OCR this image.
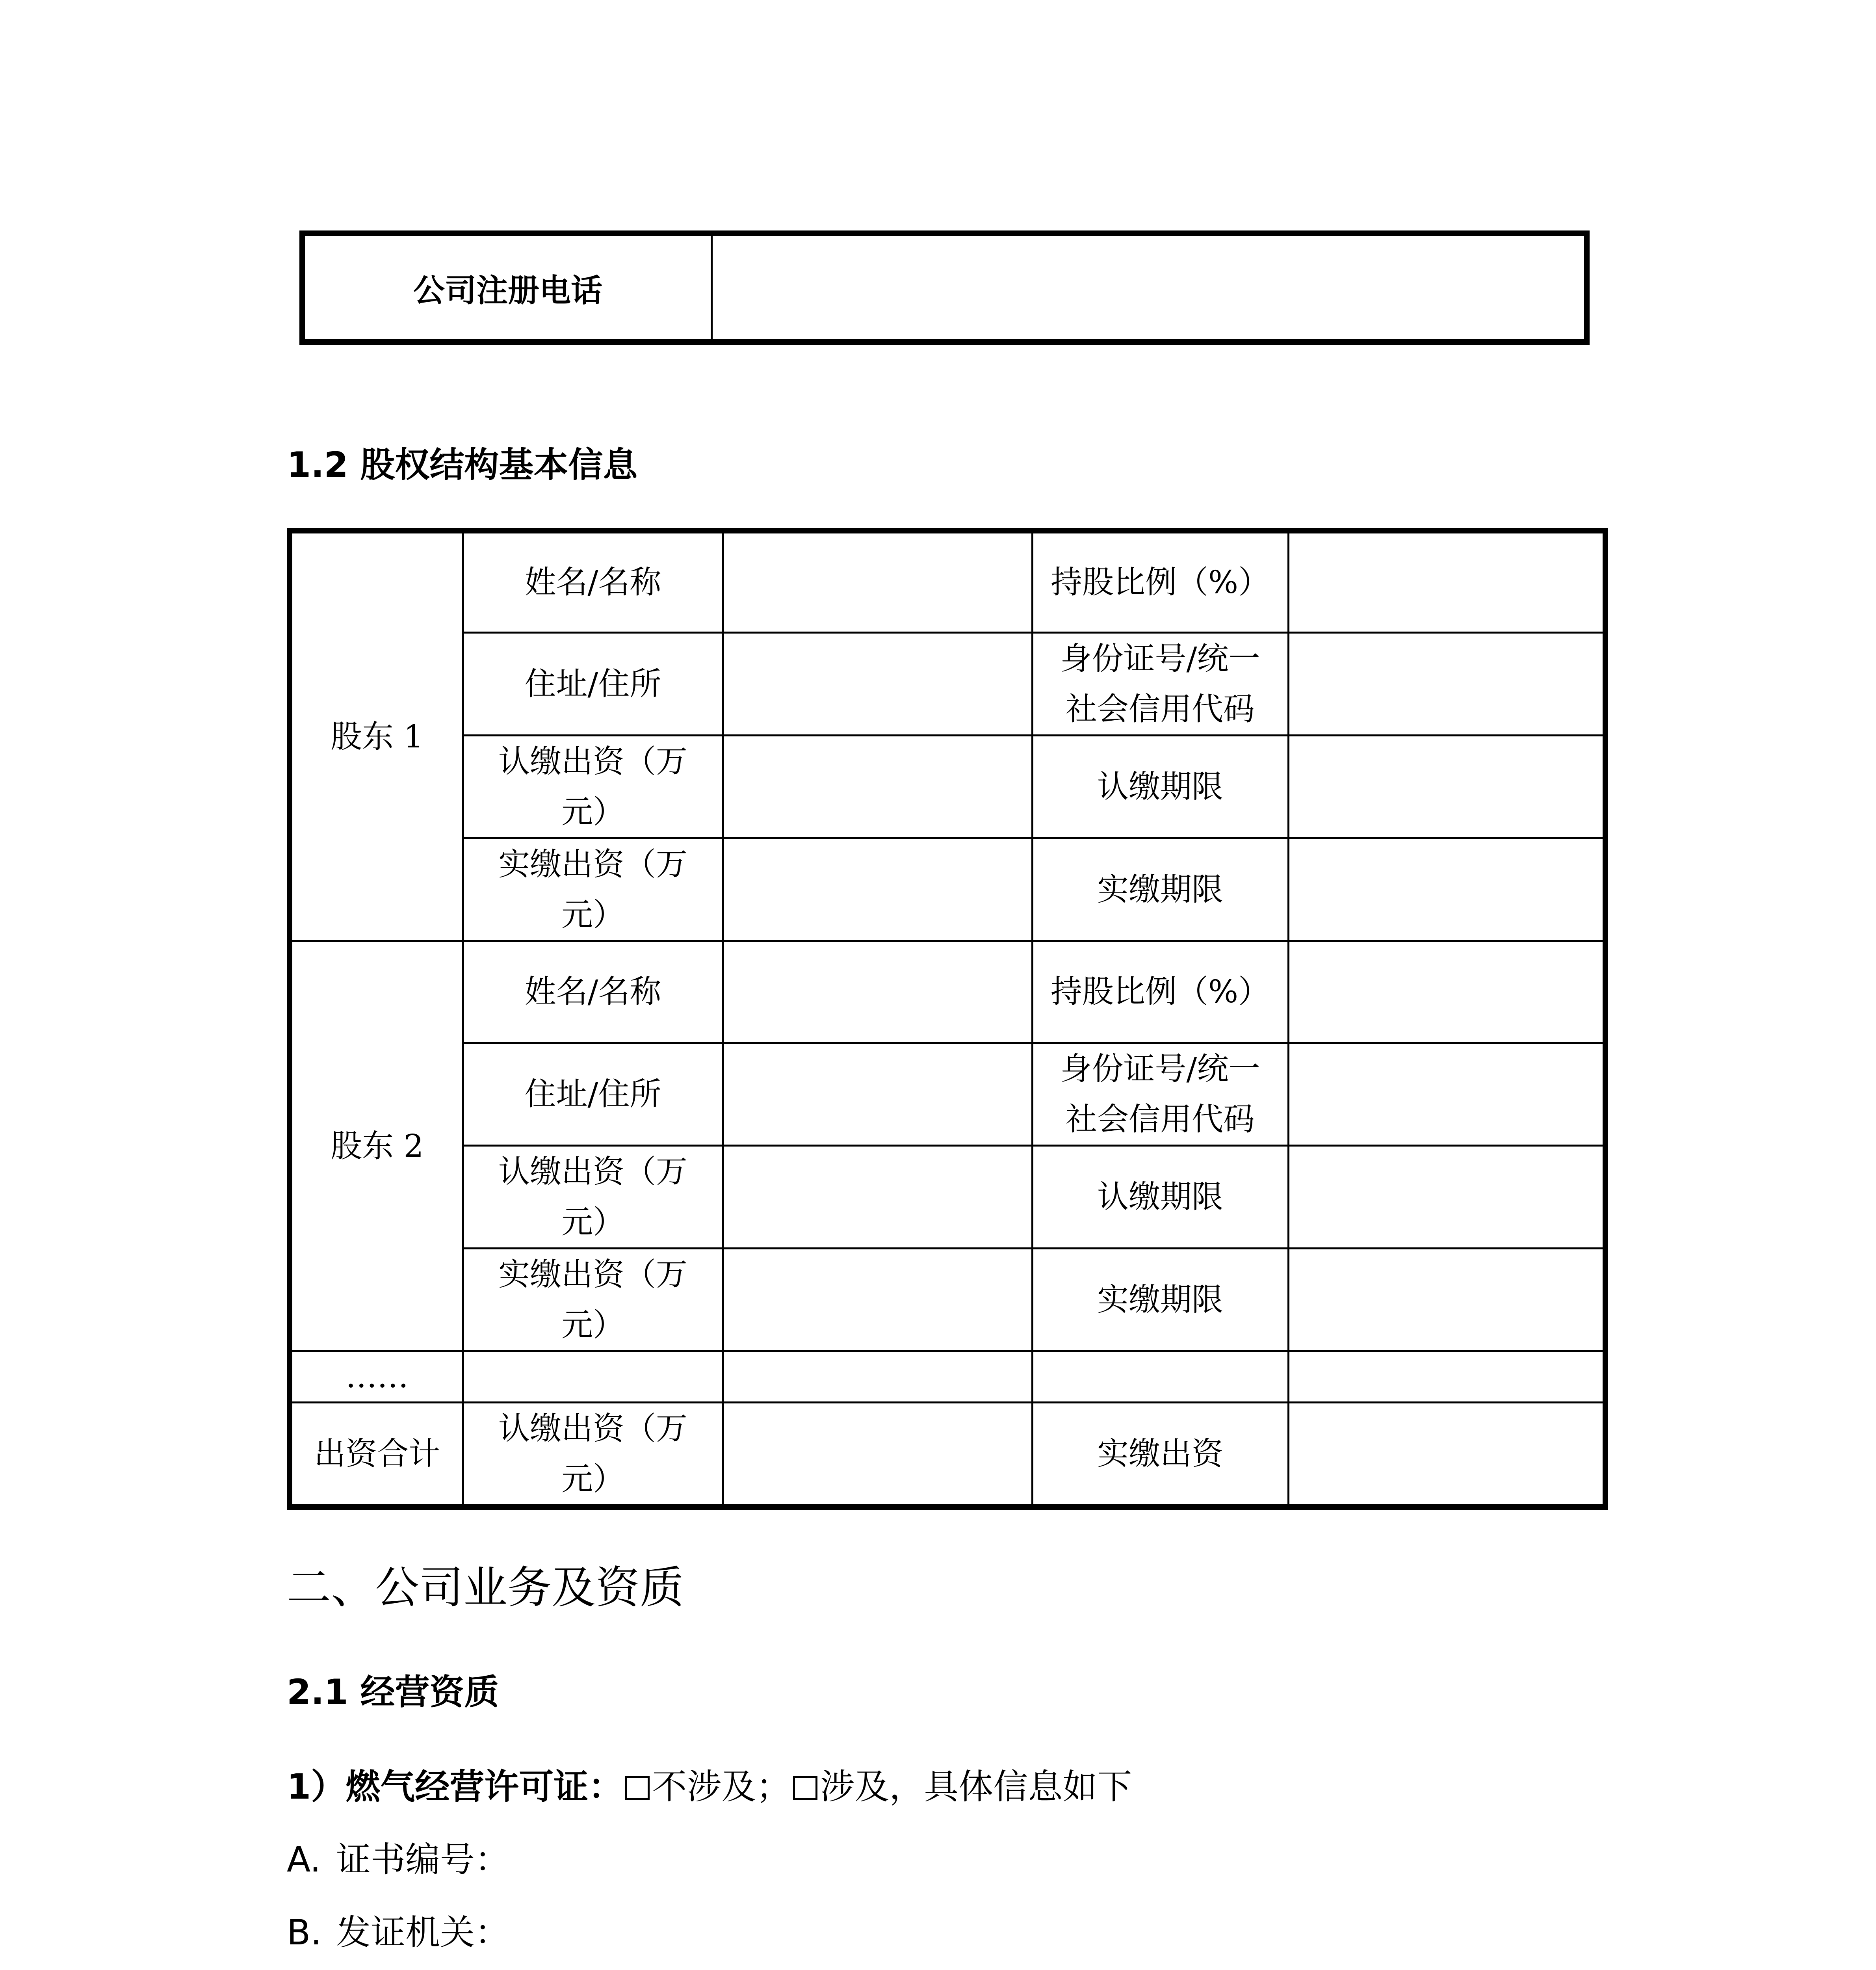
公司注册电话	
1.2 股权结构基本信息
股东 1	姓名/名称		持股比例（%）	
	住址/住所		身份证号/统一社会信用代码	
	认缴出资（万元）		认缴期限	
	实缴出资（万元）		实缴期限	
股东 2	姓名/名称		持股比例（%）	
	住址/住所		身份证号/统一社会信用代码	
	认缴出资（万元）		认缴期限	
	实缴出资（万元）		实缴期限	
……				
出资合计	认缴出资（万元）		实缴出资	
二、公司业务及资质
2.1 经营资质
1）燃气经营许可证： 不涉及； 涉及，具体信息如下
A. 证书编号：
B. 发证机关：
